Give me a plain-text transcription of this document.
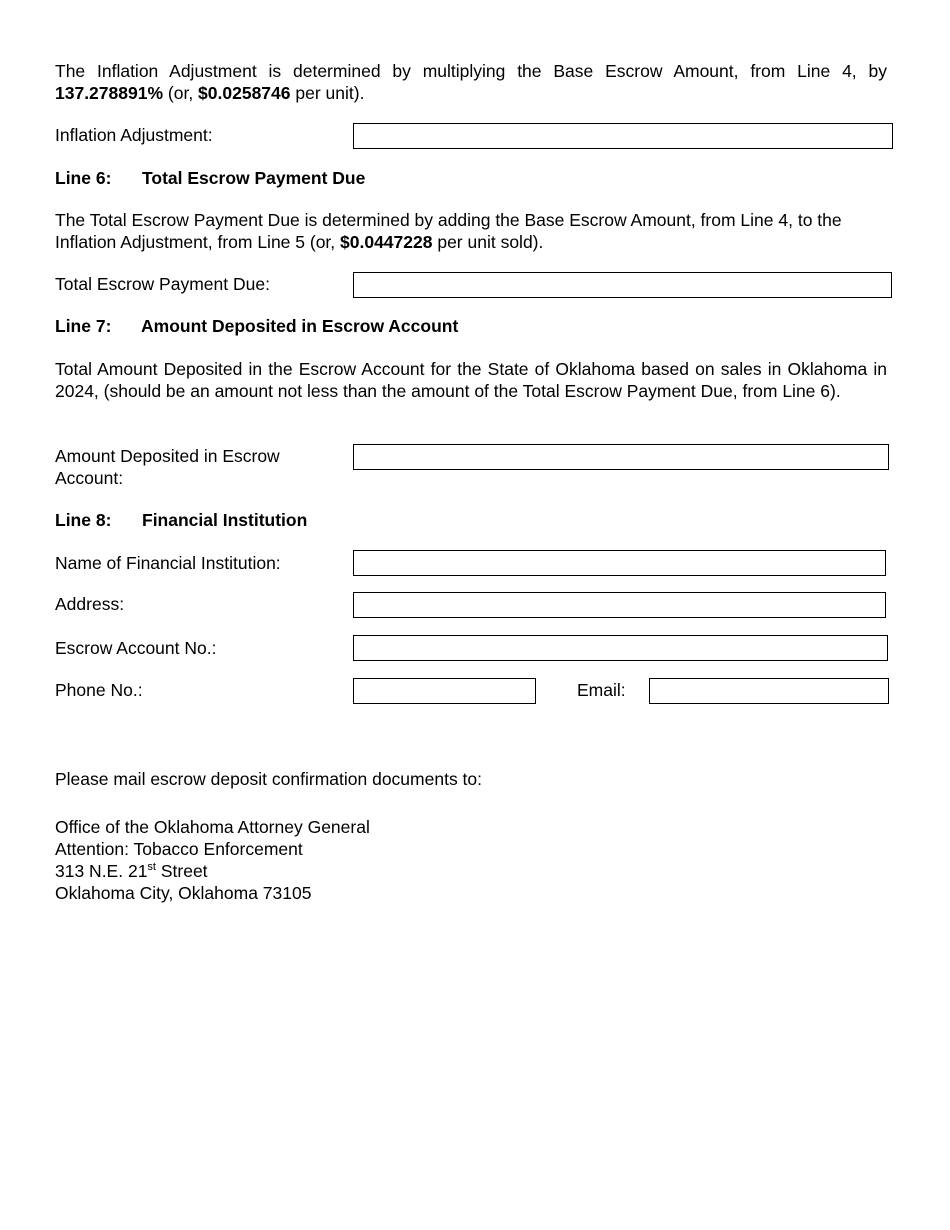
The Inflation Adjustment is determined by multiplying the Base Escrow Amount, from Line 4, by 137.278891% (or, $0.0258746 per unit).

Inflation Adjustment:
Line 6: Total Escrow Payment Due

The Total Escrow Payment Due is determined by adding the Base Escrow Amount, from Line 4, to the Inflation Adjustment, from Line 5 (or, $0.0447228 per unit sold).

Total Escrow Payment Due:
Line 7: Amount Deposited in Escrow Account

Total Amount Deposited in the Escrow Account for the State of Oklahoma based on sales in Oklahoma in 2024, (should be an amount not less than the amount of the Total Escrow Payment Due, from Line 6).

Amount Deposited in Escrow
Account:
Line 8: Financial Institution
Name of Financial Institution:
Address:
Escrow Account No.:
Phone No.:	Email:
Please mail escrow deposit confirmation documents to:
Office of the Oklahoma Attorney General
Attention: Tobacco Enforcement
313 N.E. 21st Street
Oklahoma City, Oklahoma 73105
